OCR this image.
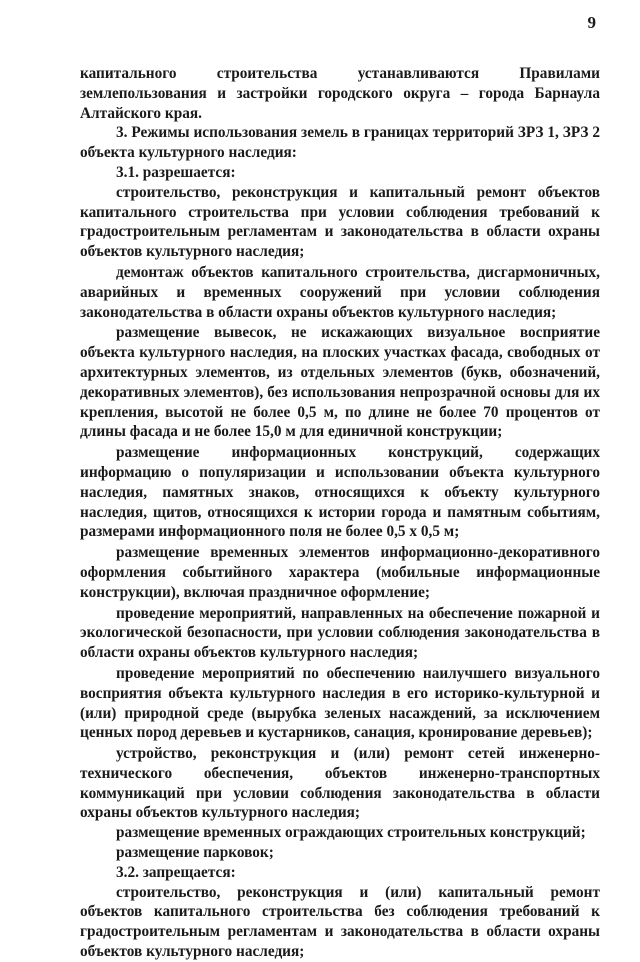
9

капитального строительства устанавливаются Правилами землепользования и застройки городского округа – города Барнаула Алтайского края.

3. Режимы использования земель в границах территорий ЗРЗ 1, ЗРЗ 2 объекта культурного наследия:

3.1. разрешается:

строительство, реконструкция и капитальный ремонт объектов капитального строительства при условии соблюдения требований к градостроительным регламентам и законодательства в области охраны объектов культурного наследия;

демонтаж объектов капитального строительства, дисгармоничных, аварийных и временных сооружений при условии соблюдения законодательства в области охраны объектов культурного наследия;

размещение вывесок, не искажающих визуальное восприятие объекта культурного наследия, на плоских участках фасада, свободных от архитектурных элементов, из отдельных элементов (букв, обозначений, декоративных элементов), без использования непрозрачной основы для их крепления, высотой не более 0,5 м, по длине не более 70 процентов от длины фасада и не более 15,0 м для единичной конструкции;

размещение информационных конструкций, содержащих информацию о популяризации и использовании объекта культурного наследия, памятных знаков, относящихся к объекту культурного наследия, щитов, относящихся к истории города и памятным событиям, размерами информационного поля не более 0,5 х 0,5 м;

размещение временных элементов информационно-декоративного оформления событийного характера (мобильные информационные конструкции), включая праздничное оформление;

проведение мероприятий, направленных на обеспечение пожарной и экологической безопасности, при условии соблюдения законодательства в области охраны объектов культурного наследия;

проведение мероприятий по обеспечению наилучшего визуального восприятия объекта культурного наследия в его историко-культурной и (или) природной среде (вырубка зеленых насаждений, за исключением ценных пород деревьев и кустарников, санация, кронирование деревьев);

устройство, реконструкция и (или) ремонт сетей инженерно-технического обеспечения, объектов инженерно-транспортных коммуникаций при условии соблюдения законодательства в области охраны объектов культурного наследия;

размещение временных ограждающих строительных конструкций;

размещение парковок;

3.2. запрещается:

строительство, реконструкция и (или) капитальный ремонт объектов капитального строительства без соблюдения требований к градостроительным регламентам и законодательства в области охраны объектов культурного наследия;
